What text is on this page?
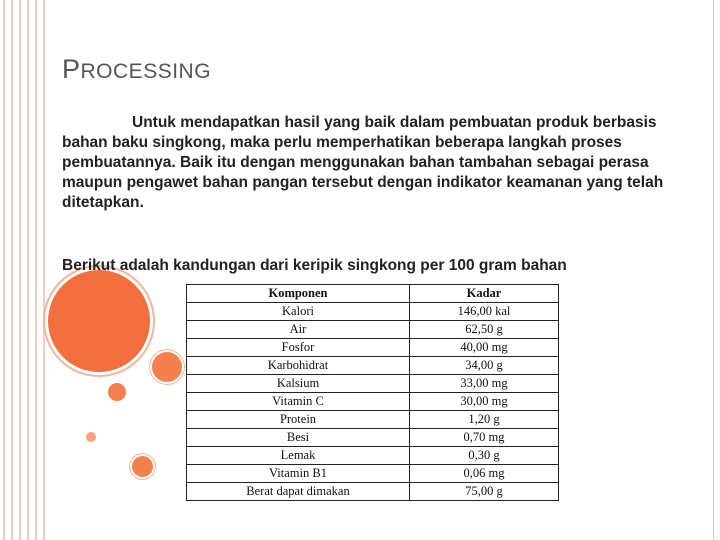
PROCESSING
Untuk mendapatkan hasil yang baik dalam pembuatan produk berbasis bahan baku singkong, maka perlu memperhatikan beberapa langkah proses pembuatannya. Baik itu dengan menggunakan bahan tambahan sebagai perasa maupun pengawet bahan pangan tersebut dengan indikator keamanan yang telah ditetapkan.
Berikut adalah kandungan dari keripik singkong per 100 gram bahan
Komponen	Kadar
Kalori	146,00 kal
Air	62,50 g
Fosfor	40,00 mg
Karbohidrat	34,00 g
Kalsium	33,00 mg
Vitamin C	30,00 mg
Protein	1,20 g
Besi	0,70 mg
Lemak	0,30 g
Vitamin B1	0,06 mg
Berat dapat dimakan	75,00 g
